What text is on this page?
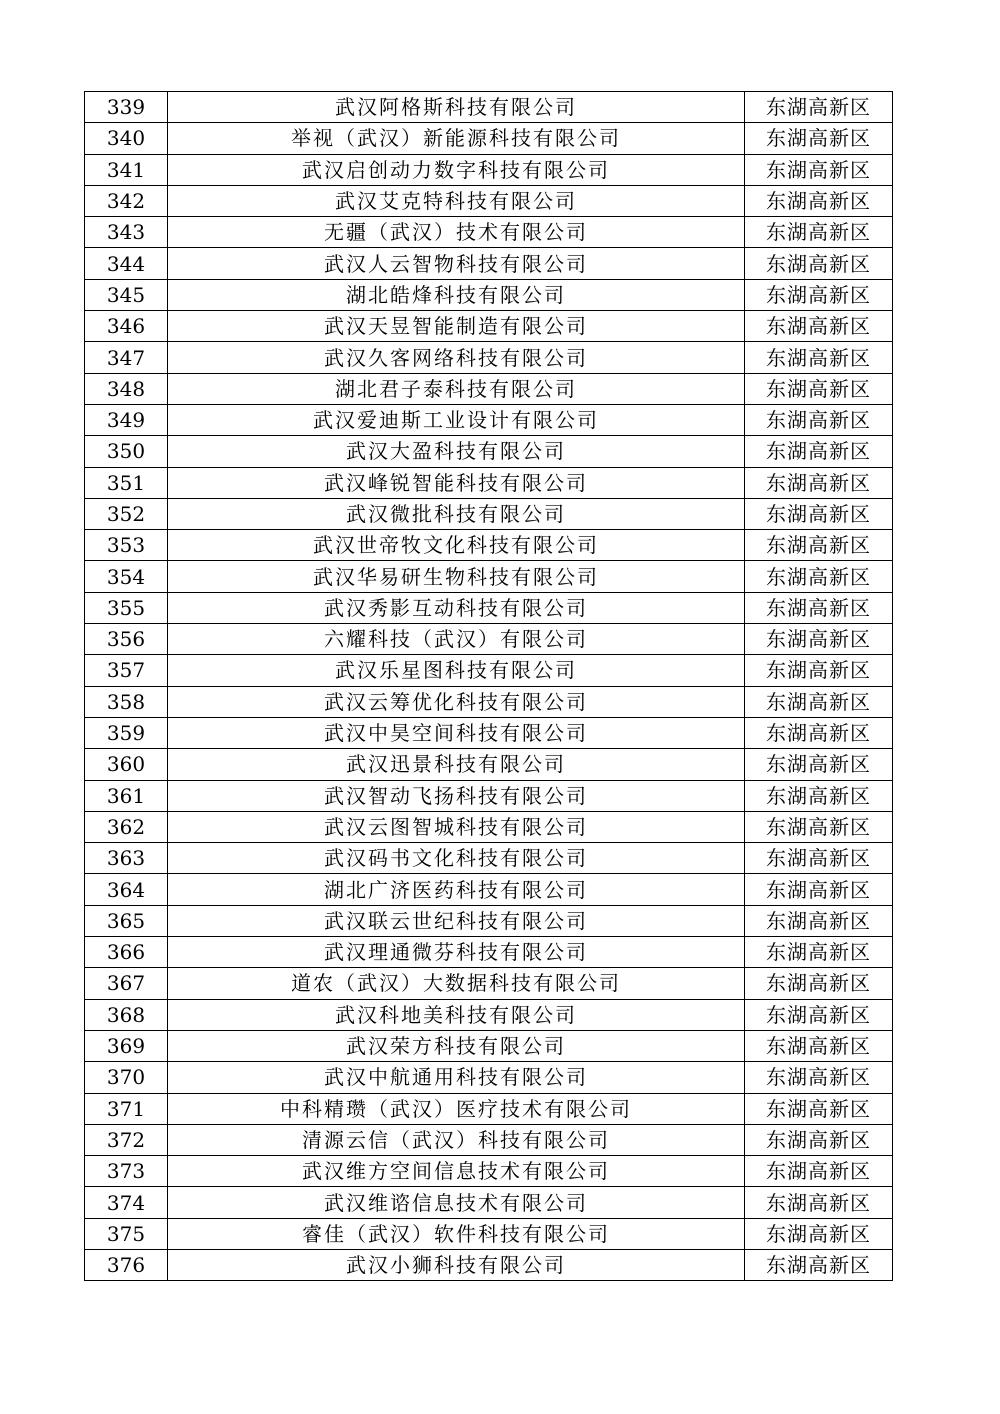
339	武汉阿格斯科技有限公司	东湖高新区
340	举视（武汉）新能源科技有限公司	东湖高新区
341	武汉启创动力数字科技有限公司	东湖高新区
342	武汉艾克特科技有限公司	东湖高新区
343	无疆（武汉）技术有限公司	东湖高新区
344	武汉人云智物科技有限公司	东湖高新区
345	湖北皓烽科技有限公司	东湖高新区
346	武汉天昱智能制造有限公司	东湖高新区
347	武汉久客网络科技有限公司	东湖高新区
348	湖北君子泰科技有限公司	东湖高新区
349	武汉爱迪斯工业设计有限公司	东湖高新区
350	武汉大盈科技有限公司	东湖高新区
351	武汉峰锐智能科技有限公司	东湖高新区
352	武汉微批科技有限公司	东湖高新区
353	武汉世帝牧文化科技有限公司	东湖高新区
354	武汉华易研生物科技有限公司	东湖高新区
355	武汉秀影互动科技有限公司	东湖高新区
356	六耀科技（武汉）有限公司	东湖高新区
357	武汉乐星图科技有限公司	东湖高新区
358	武汉云筹优化科技有限公司	东湖高新区
359	武汉中昊空间科技有限公司	东湖高新区
360	武汉迅景科技有限公司	东湖高新区
361	武汉智动飞扬科技有限公司	东湖高新区
362	武汉云图智城科技有限公司	东湖高新区
363	武汉码书文化科技有限公司	东湖高新区
364	湖北广济医药科技有限公司	东湖高新区
365	武汉联云世纪科技有限公司	东湖高新区
366	武汉理通微芬科技有限公司	东湖高新区
367	道农（武汉）大数据科技有限公司	东湖高新区
368	武汉科地美科技有限公司	东湖高新区
369	武汉荣方科技有限公司	东湖高新区
370	武汉中航通用科技有限公司	东湖高新区
371	中科精瓒（武汉）医疗技术有限公司	东湖高新区
372	清源云信（武汉）科技有限公司	东湖高新区
373	武汉维方空间信息技术有限公司	东湖高新区
374	武汉维谘信息技术有限公司	东湖高新区
375	睿佳（武汉）软件科技有限公司	东湖高新区
376	武汉小狮科技有限公司	东湖高新区
